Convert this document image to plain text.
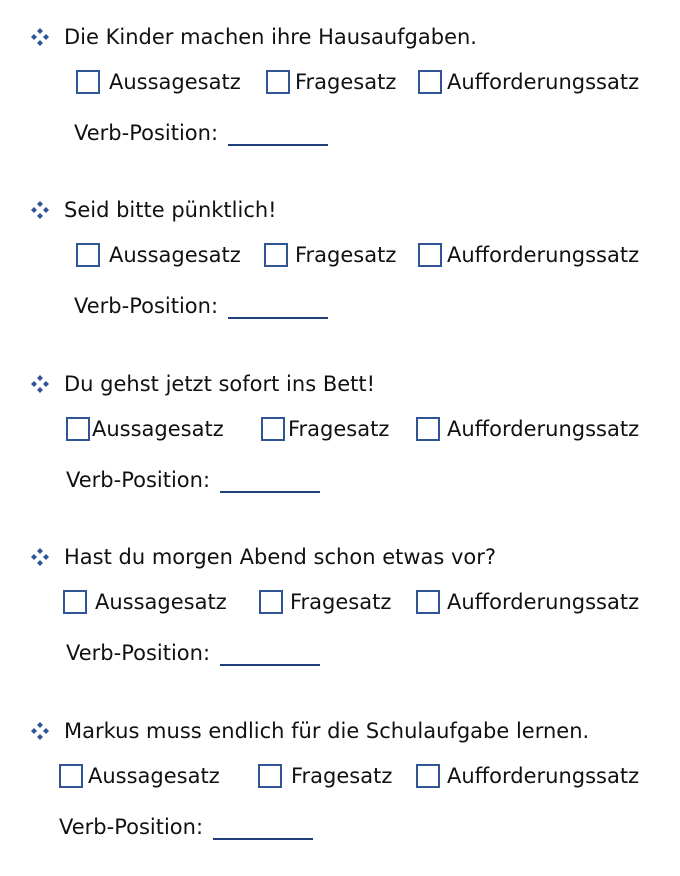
Die Kinder machen ihre Hausaufgaben.
Aussagesatz	Fragesatz Aufforderungssatz
Verb-Position:
Seid bitte pünktlich!
Aussagesatz	Fragesatz Aufforderungssatz
Verb-Position:
Du gehst jetzt sofort ins Bett!
Aussagesatz	Fragesatz	Aufforderungssatz
Verb-Position:
Hast du morgen Abend schon etwas vor?
Aussagesatz	Fragesatz	Aufforderungssatz
Verb-Position:
Markus muss endlich für die Schulaufgabe lernen.
Aussagesatz	Fragesatz	Aufforderungssatz
Verb-Position:
